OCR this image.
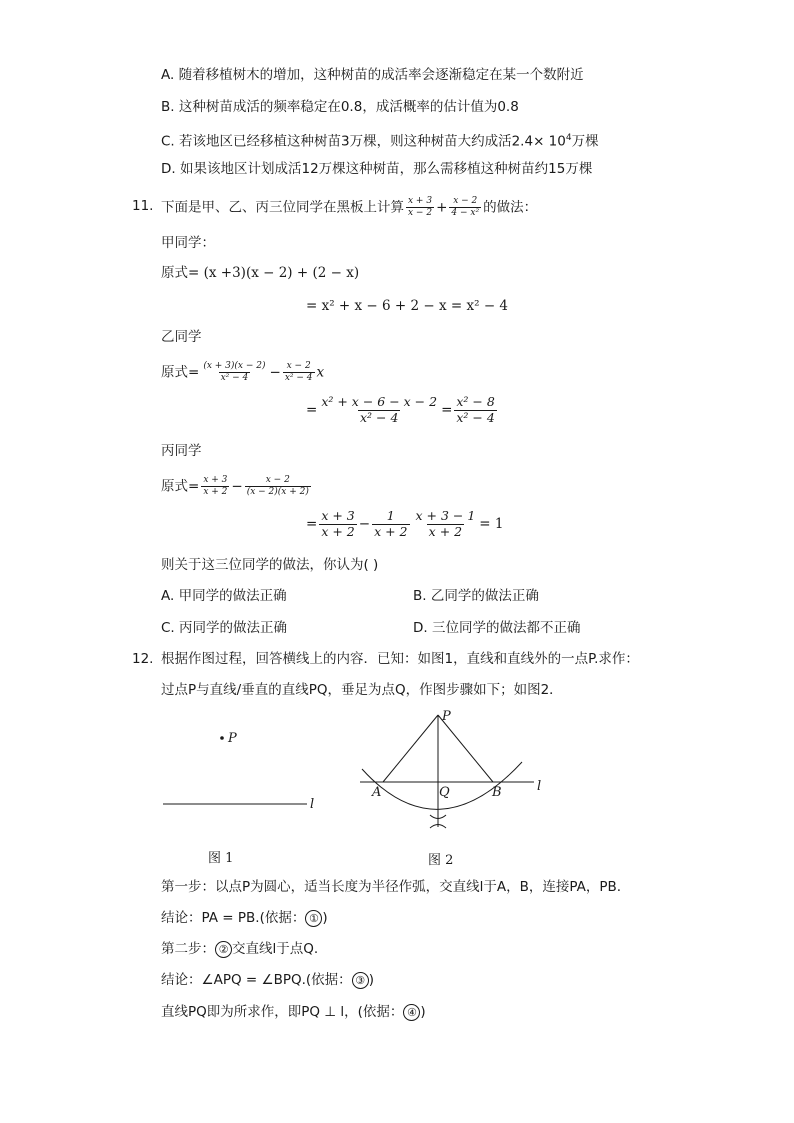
A. 随着移植树木的增加，这种树苗的成活率会逐渐稳定在某一个数附近
B. 这种树苗成活的频率稳定在0.8，成活概率的估计值为0.8
C. 若该地区已经移植这种树苗3万棵，则这种树苗大约成活$2.4\times 10^4$万棵
D. 如果该地区计划成活12万棵这种树苗，那么需移植这种树苗约15万棵
11. 下面是甲、乙、丙三位同学在黑板上计算 $\frac{x + 3}{x - 2} + \frac{x - 2}{\text{4 − x²}}$ 的做法：
甲同学：
原式= (x +3)(x − 2) + (2 − x)
= x² + x − 6 + 2 − x = x² − 4
乙同学
原式= $\frac{(x + 3)(x - 2)}{\text{x² − 4}} - \frac{x - 2}{\text{x² − 4}}$ x
= $\frac{\text{x² + x − 6 − x − 2}}{\text{x² − 4}} = \frac{\text{x² − 8}}{\text{x² − 4}}$
丙同学
原式= $\frac{x + 3}{x + 2} - \frac{x - 2}{(x - 2)(x + 2)}$
= $\frac{x + 3}{x + 2} - \frac{1}{x + 2} \frac{x + 3 - 1}{x + 2} = 1$
则关于这三位同学的做法，你认为( )
A. 甲同学的做法正确	B. 乙同学的做法正确
C. 丙同学的做法正确	D. 三位同学的做法都不正确
12. 根据作图过程，回答横线上的内容．已知：如图1，直线和直线外的一点P.求作：
过点P与直线/垂直的直线PQ，垂足为点Q，作图步骤如下；如图2．
P
l
图 1
P
A	Q	B	l
图 2
第一步：以点P为圆心，适当长度为半径作弧，交直线l于A，B，连接PA，PB.
结论：PA = PB.(依据： ① )
第二步： ② 交直线l于点Q.
结论：∠APQ = ∠BPQ.(依据： ③ )
直线PQ即为所求作，即PQ ⊥ l，(依据： ④ )
